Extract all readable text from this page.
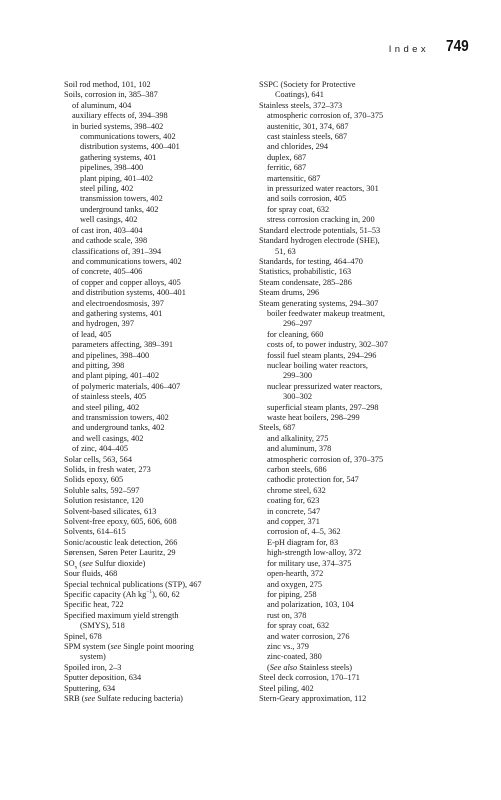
Index 749
Soil rod method, 101, 102
Soils, corrosion in, 385–387
of aluminum, 404
auxiliary effects of, 394–398
in buried systems, 398–402
communications towers, 402
distribution systems, 400–401
gathering systems, 401
pipelines, 398–400
plant piping, 401–402
steel piling, 402
transmission towers, 402
underground tanks, 402
well casings, 402
of cast iron, 403–404
and cathode scale, 398
classifications of, 391–394
and communications towers, 402
of concrete, 405–406
of copper and copper alloys, 405
and distribution systems, 400–401
and electroendosmosis, 397
and gathering systems, 401
and hydrogen, 397
of lead, 405
parameters affecting, 389–391
and pipelines, 398–400
and pitting, 398
and plant piping, 401–402
of polymeric materials, 406–407
of stainless steels, 405
and steel piling, 402
and transmission towers, 402
and underground tanks, 402
and well casings, 402
of zinc, 404–405
Solar cells, 563, 564
Solids, in fresh water, 273
Solids epoxy, 605
Soluble salts, 592–597
Solution resistance, 120
Solvent-based silicates, 613
Solvent-free epoxy, 605, 606, 608
Solvents, 614–615
Sonic/acoustic leak detection, 266
Sørensen, Søren Peter Lauritz, 29
$SO_x$ (see Sulfur dioxide)
Sour fluids, 468
Special technical publications (STP), 467
Specific capacity (Ah $kg^{-1}$), 60, 62
Specific heat, 722
Specified maximum yield strength
(SMYS), 518
Spinel, 678
SPM system (see Single point mooring
system)
Spoiled iron, 2–3
Sputter deposition, 634
Sputtering, 634
SRB (see Sulfate reducing bacteria)
SSPC (Society for Protective
Coatings), 641
Stainless steels, 372–373
atmospheric corrosion of, 370–375
austenitic, 301, 374, 687
cast stainless steels, 687
and chlorides, 294
duplex, 687
ferritic, 687
martensitic, 687
in pressurized water reactors, 301
and soils corrosion, 405
for spray coat, 632
stress corrosion cracking in, 200
Standard electrode potentials, 51–53
Standard hydrogen electrode (SHE),
51, 63
Standards, for testing, 464–470
Statistics, probabilistic, 163
Steam condensate, 285–286
Steam drums, 296
Steam generating systems, 294–307
boiler feedwater makeup treatment,
296–297
for cleaning, 660
costs of, to power industry, 302–307
fossil fuel steam plants, 294–296
nuclear boiling water reactors,
299–300
nuclear pressurized water reactors,
300–302
superficial steam plants, 297–298
waste heat boilers, 298–299
Steels, 687
and alkalinity, 275
and aluminum, 378
atmospheric corrosion of, 370–375
carbon steels, 686
cathodic protection for, 547
chrome steel, 632
coating for, 623
in concrete, 547
and copper, 371
corrosion of, 4–5, 362
E-pH diagram for, 83
high-strength low-alloy, 372
for military use, 374–375
open-hearth, 372
and oxygen, 275
for piping, 258
and polarization, 103, 104
rust on, 378
for spray coat, 632
and water corrosion, 276
zinc vs., 379
zinc-coated, 380
(See also Stainless steels)
Steel deck corrosion, 170–171
Steel piling, 402
Stern-Geary approximation, 112
